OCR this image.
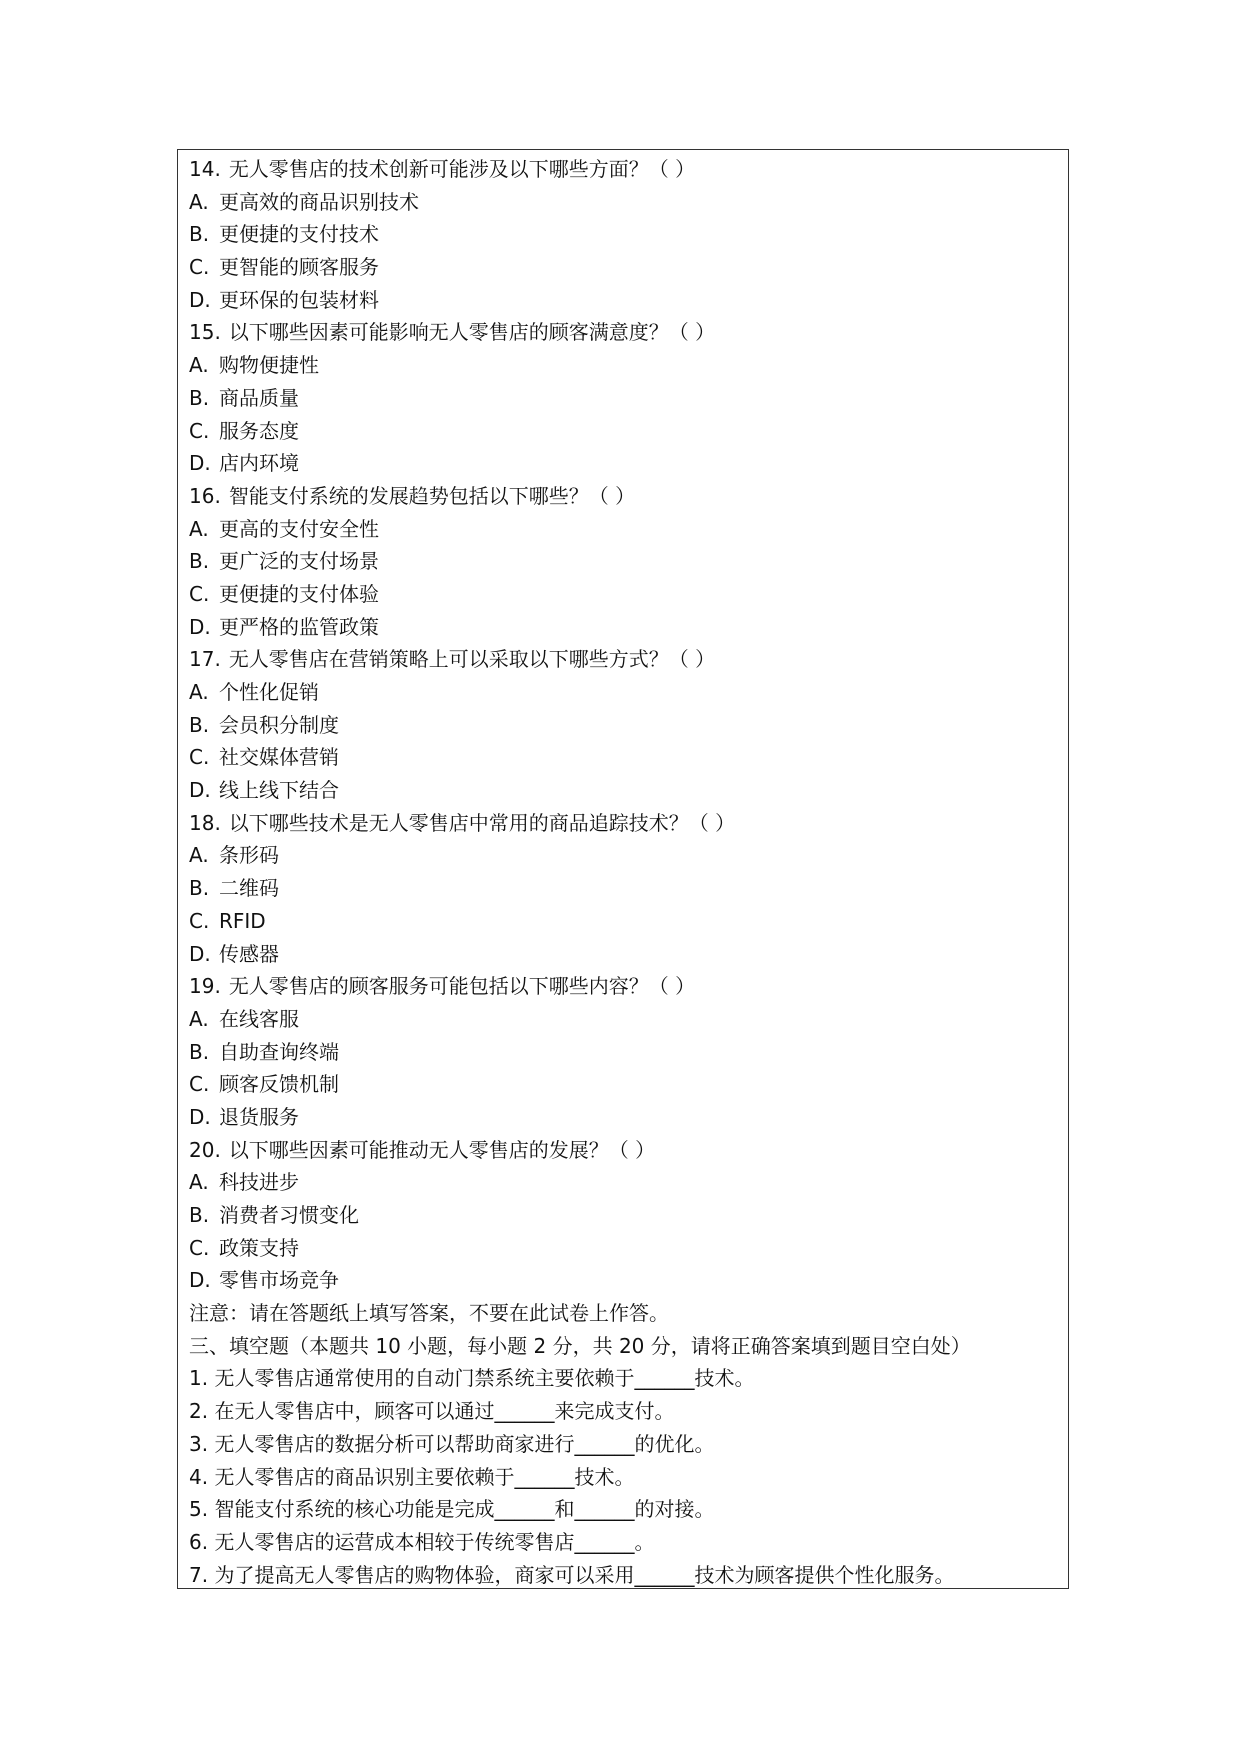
14. 无人零售店的技术创新可能涉及以下哪些方面？（ ）
A. 更高效的商品识别技术
B. 更便捷的支付技术
C. 更智能的顾客服务
D. 更环保的包装材料
15. 以下哪些因素可能影响无人零售店的顾客满意度？（ ）
A. 购物便捷性
B. 商品质量
C. 服务态度
D. 店内环境
16. 智能支付系统的发展趋势包括以下哪些？（ ）
A. 更高的支付安全性
B. 更广泛的支付场景
C. 更便捷的支付体验
D. 更严格的监管政策
17. 无人零售店在营销策略上可以采取以下哪些方式？（ ）
A. 个性化促销
B. 会员积分制度
C. 社交媒体营销
D. 线上线下结合
18. 以下哪些技术是无人零售店中常用的商品追踪技术？（ ）
A. 条形码
B. 二维码
C. RFID
D. 传感器
19. 无人零售店的顾客服务可能包括以下哪些内容？（ ）
A. 在线客服
B. 自助查询终端
C. 顾客反馈机制
D. 退货服务
20. 以下哪些因素可能推动无人零售店的发展？（ ）
A. 科技进步
B. 消费者习惯变化
C. 政策支持
D. 零售市场竞争
注意：请在答题纸上填写答案，不要在此试卷上作答。
三、填空题（本题共 10 小题，每小题 2 分，共 20 分，请将正确答案填到题目空白处）
1. 无人零售店通常使用的自动门禁系统主要依赖于______技术。
2. 在无人零售店中，顾客可以通过______来完成支付。
3. 无人零售店的数据分析可以帮助商家进行______的优化。
4. 无人零售店的商品识别主要依赖于______技术。
5. 智能支付系统的核心功能是完成______和______的对接。
6. 无人零售店的运营成本相较于传统零售店______。
7. 为了提高无人零售店的购物体验，商家可以采用______技术为顾客提供个性化服务。
